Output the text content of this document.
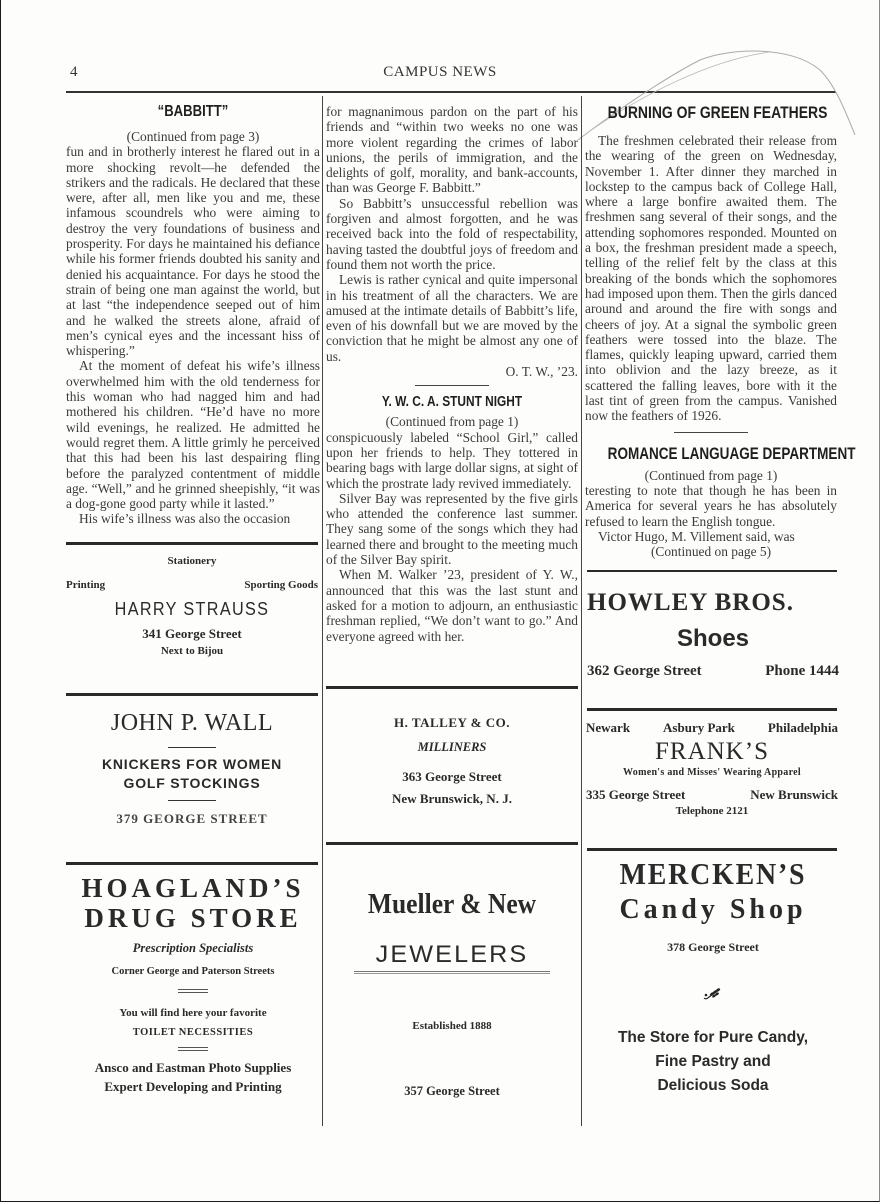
4	CAMPUS NEWS
“BABBITT”
(Continued from page 3)

fun and in brotherly interest he flared out in a more shocking revolt—he defended the strikers and the radicals. He declared that these were, after all, men like you and me, these infamous scoundrels who were aiming to destroy the very foundations of business and prosperity. For days he maintained his defiance while his former friends doubted his sanity and denied his acquaintance. For days he stood the strain of being one man against the world, but at last “the independence seeped out of him and he walked the streets alone, afraid of men’s cynical eyes and the incessant hiss of whispering.”

At the moment of defeat his wife’s illness overwhelmed him with the old tenderness for this woman who had nagged him and had mothered his children. “He’d have no more wild evenings, he realized. He admitted he would regret them. A little grimly he perceived that this had been his last despairing fling before the paralyzed contentment of middle age. “Well,” and he grinned sheepishly, “it was a dog-gone good party while it lasted.”

His wife’s illness was also the occasion

for magnanimous pardon on the part of his friends and “within two weeks no one was more violent regarding the crimes of labor unions, the perils of immigration, and the delights of golf, morality, and bank-accounts, than was George F. Babbitt.”

So Babbitt’s unsuccessful rebellion was forgiven and almost forgotten, and he was received back into the fold of respectability, having tasted the doubtful joys of freedom and found them not worth the price.

Lewis is rather cynical and quite impersonal in his treatment of all the characters. We are amused at the intimate details of Babbitt’s life, even of his downfall but we are moved by the conviction that he might be almost any one of us.

O. T. W., ’23.

Y. W. C. A. STUNT NIGHT
(Continued from page 1)

conspicuously labeled “School Girl,” called upon her friends to help. They tottered in bearing bags with large dollar signs, at sight of which the prostrate lady revived immediately.

Silver Bay was represented by the five girls who attended the conference last summer. They sang some of the songs which they had learned there and brought to the meeting much of the Silver Bay spirit.

When M. Walker ’23, president of Y. W., announced that this was the last stunt and asked for a motion to adjourn, an enthusiastic freshman replied, “We don’t want to go.” And everyone agreed with her.

BURNING OF GREEN FEATHERS

The freshmen celebrated their release from the wearing of the green on Wednesday, November 1. After dinner they marched in lockstep to the campus back of College Hall, where a large bonfire awaited them. The freshmen sang several of their songs, and the attending sophomores responded. Mounted on a box, the freshman president made a speech, telling of the relief felt by the class at this breaking of the bonds which the sophomores had imposed upon them. Then the girls danced around and around the fire with songs and cheers of joy. At a signal the symbolic green feathers were tossed into the blaze. The flames, quickly leaping upward, carried them into oblivion and the lazy breeze, as it scattered the falling leaves, bore with it the last tint of green from the campus. Vanished now the feathers of 1926.

ROMANCE LANGUAGE DEPARTMENT
(Continued from page 1)

teresting to note that though he has been in America for several years he has absolutely refused to learn the English tongue.

Victor Hugo, M. Villement said, was

(Continued on page 5)
Stationery
Printing	Sporting Goods
HARRY STRAUSS
341 George Street
Next to Bijou
JOHN P. WALL
KNICKERS FOR WOMEN
GOLF STOCKINGS
379 GEORGE STREET
HOAGLAND’S
DRUG STORE
Prescription Specialists
Corner George and Paterson Streets
You will find here your favorite
TOILET NECESSITIES
Ansco and Eastman Photo Supplies
Expert Developing and Printing
H. TALLEY & CO.
MILLINERS
363 George Street
New Brunswick, N. J.
Mueller & New
JEWELERS
Established 1888
357 George Street
HOWLEY BROS.
Shoes
362 George Street	Phone 1444
Newark	Asbury Park	Philadelphia
FRANK’S
Women's and Misses' Wearing Apparel
335 George Street	New Brunswick
Telephone 2121
MERCKEN’S
Candy Shop
378 George Street
The Store for Pure Candy,
Fine Pastry and
Delicious Soda
